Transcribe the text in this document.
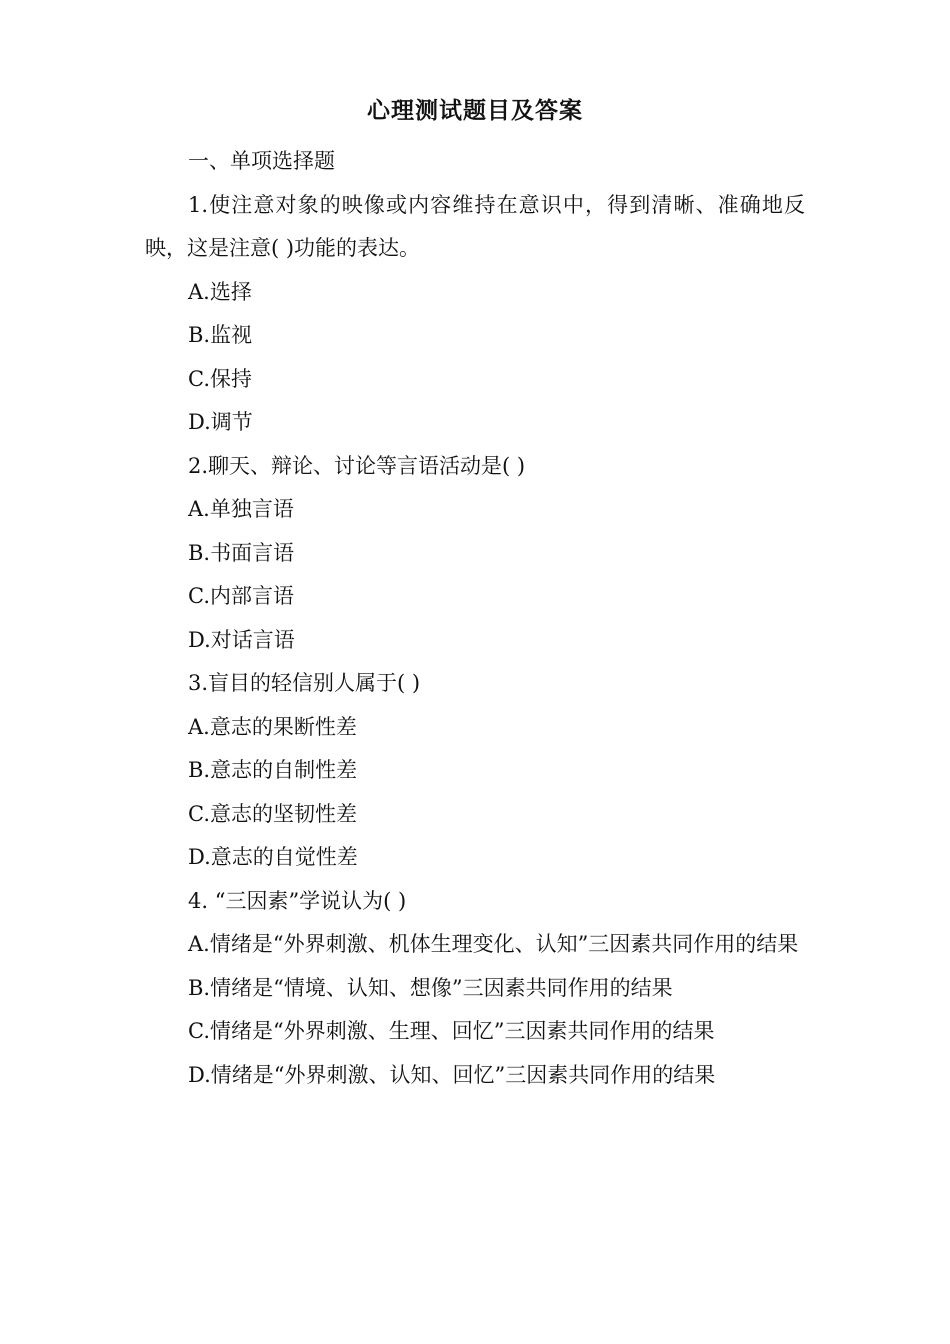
心理测试题目及答案

一、单项选择题

1.使注意对象的映像或内容维持在意识中，得到清晰、准确地反映，这是注意( )功能的表达。

A.选择

B.监视

C.保持

D.调节

2.聊天、辩论、讨论等言语活动是( )

A.单独言语

B.书面言语

C.内部言语

D.对话言语

3.盲目的轻信别人属于( )

A.意志的果断性差

B.意志的自制性差

C.意志的坚韧性差

D.意志的自觉性差

4. “三因素”学说认为( )

A.情绪是“外界刺激、机体生理变化、认知”三因素共同作用的结果

B.情绪是“情境、认知、想像”三因素共同作用的结果

C.情绪是“外界刺激、生理、回忆”三因素共同作用的结果

D.情绪是“外界刺激、认知、回忆”三因素共同作用的结果
